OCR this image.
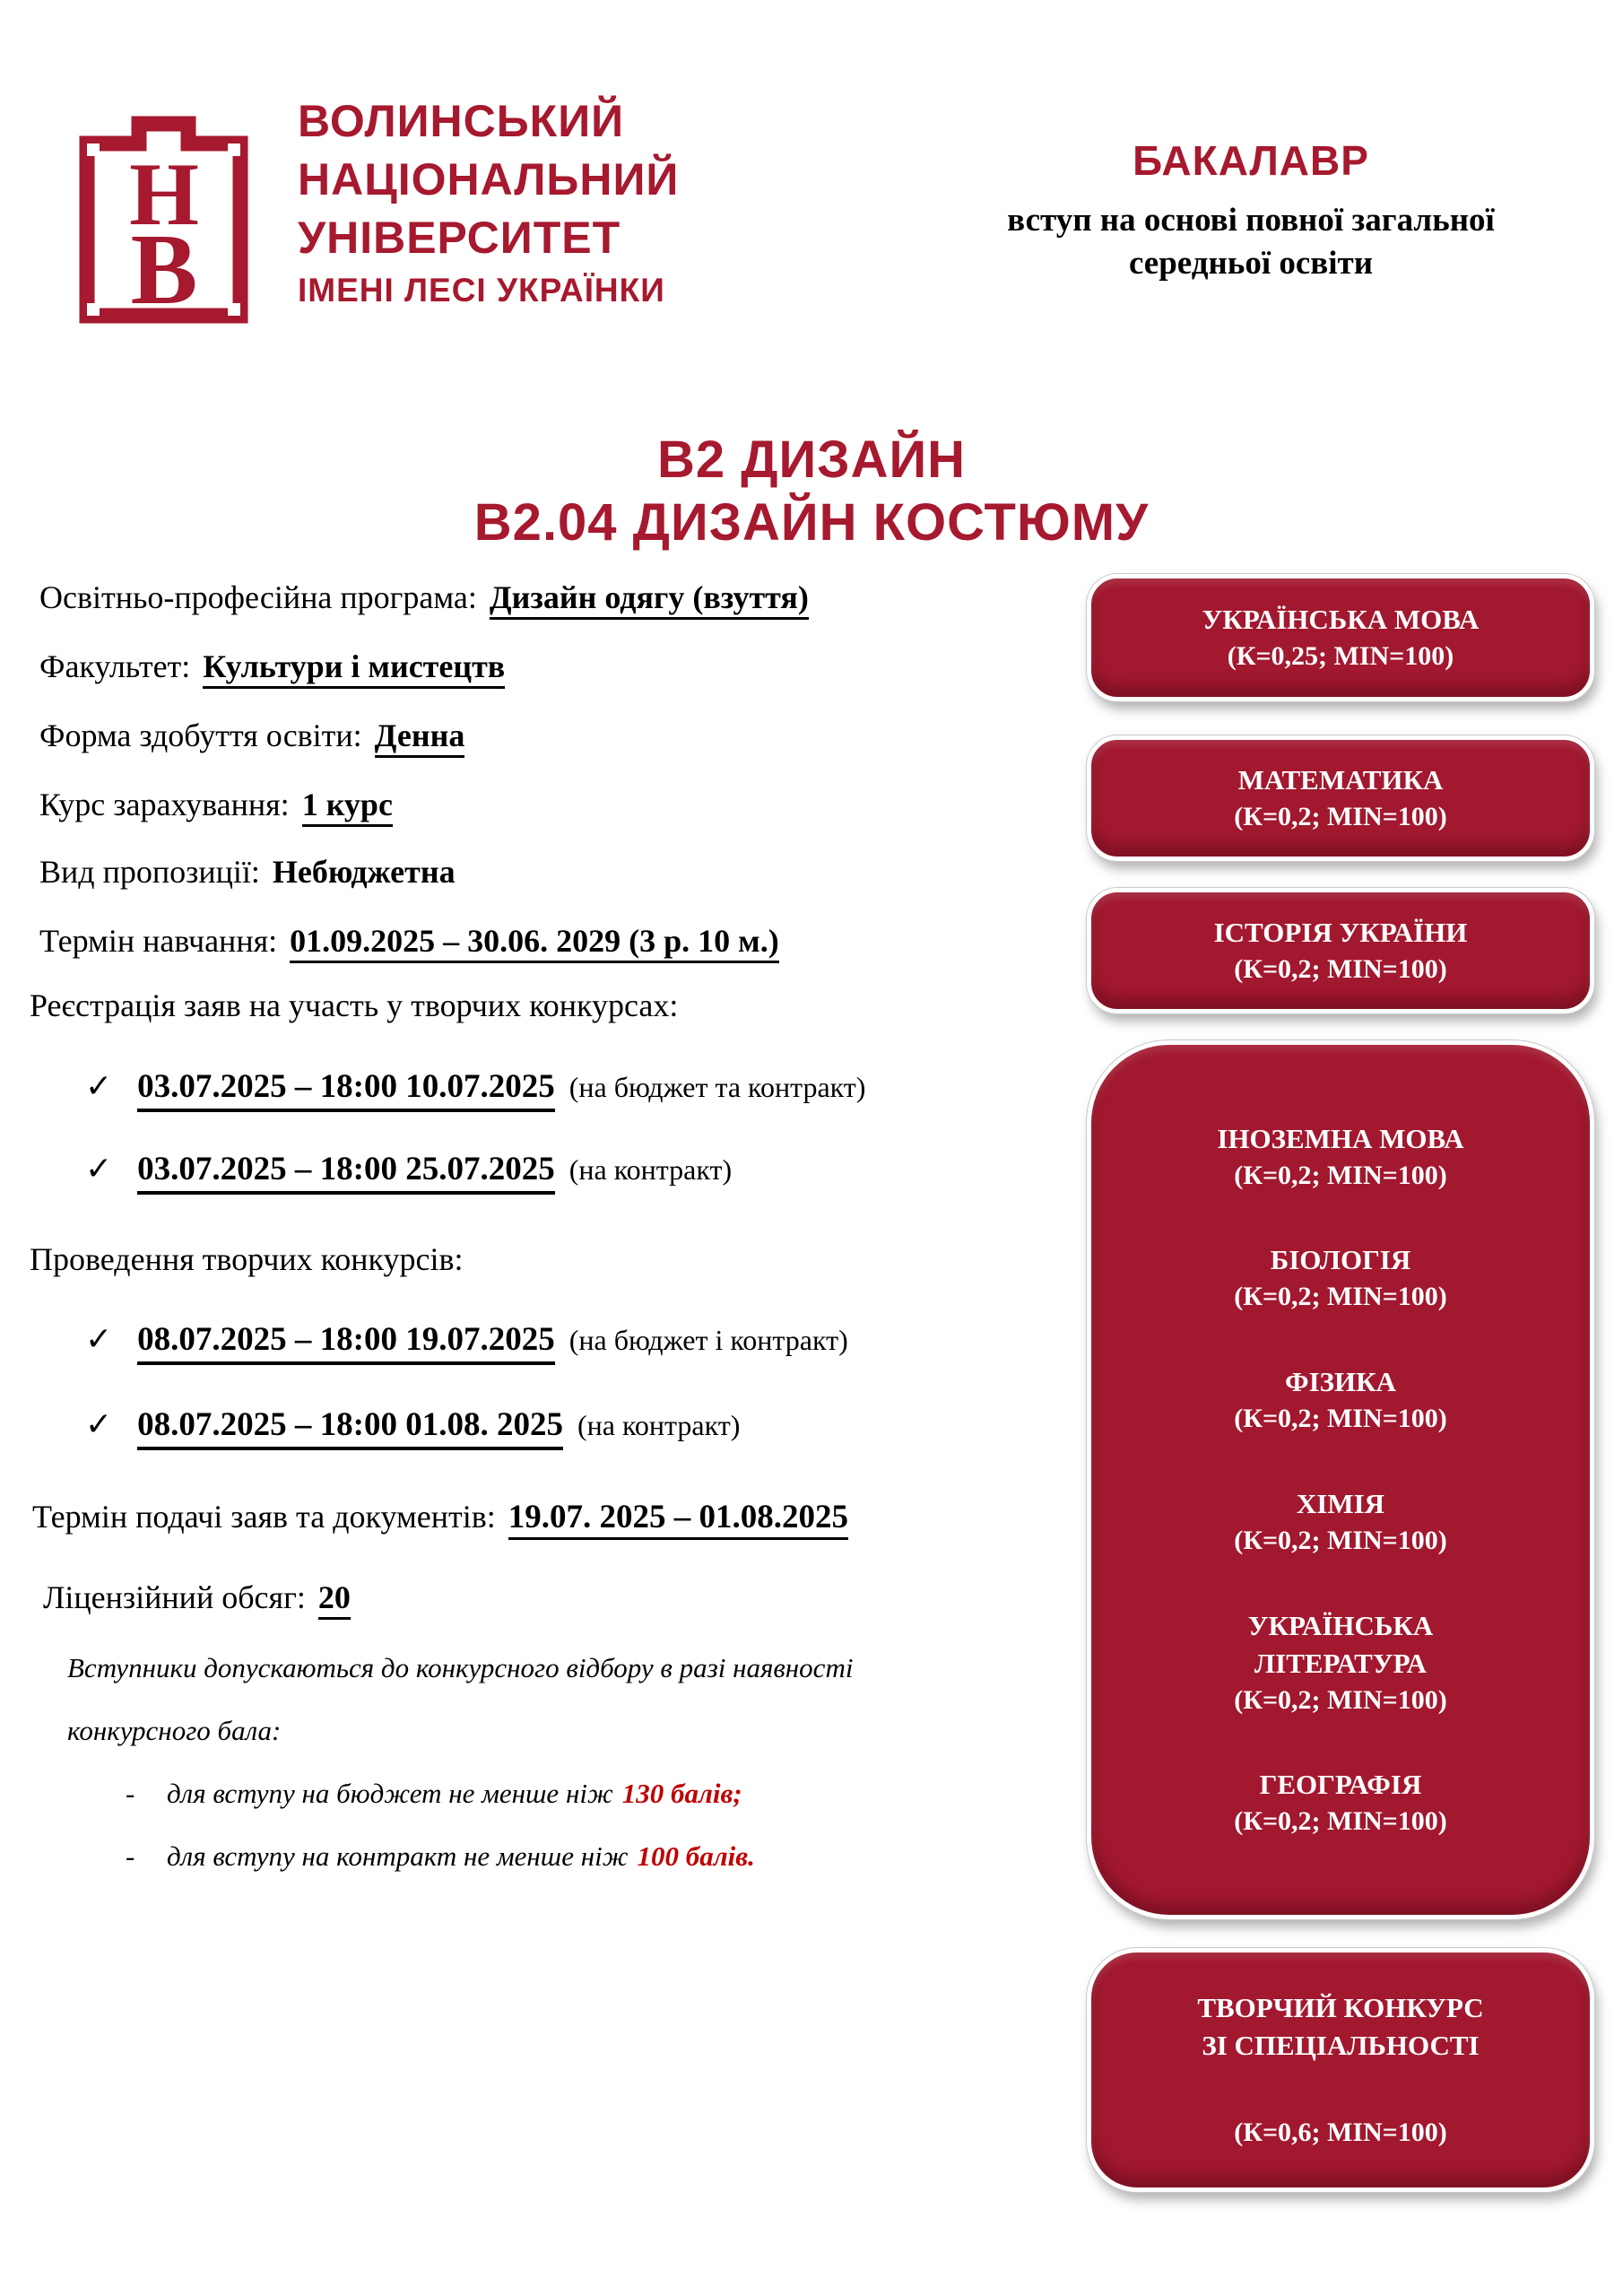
Н
В
ВОЛИНСЬКИЙ
НАЦІОНАЛЬНИЙ
УНІВЕРСИТЕТ
ІМЕНІ ЛЕСІ УКРАЇНКИ
БАКАЛАВР
вступ на основі повної загальної
середньої освіти
В2 ДИЗАЙН
В2.04 ДИЗАЙН КОСТЮМУ
Освітньо-професійна програма: Дизайн одягу (взуття)
Факультет: Культури і мистецтв
Форма здобуття освіти: Денна
Курс зарахування: 1 курс
Вид пропозиції: Небюджетна
Термін навчання: 01.09.2025 – 30.06. 2029 (3 р. 10 м.)
Реєстрація заяв на участь у творчих конкурсах:
✓ 03.07.2025 – 18:00 10.07.2025 (на бюджет та контракт)
✓ 03.07.2025 – 18:00 25.07.2025 (на контракт)
Проведення творчих конкурсів:
✓ 08.07.2025 – 18:00 19.07.2025 (на бюджет і контракт)
✓ 08.07.2025 – 18:00 01.08. 2025 (на контракт)
Термін подачі заяв та документів: 19.07. 2025 – 01.08.2025
Ліцензійний обсяг: 20
Вступники допускаються до конкурсного відбору в разі наявності
конкурсного бала:
- для вступу на бюджет не менше ніж 130 балів;
- для вступу на контракт не менше ніж 100 балів.
УКРАЇНСЬКА МОВА
(К=0,25; MIN=100)
МАТЕМАТИКА
(К=0,2; MIN=100)
ІСТОРІЯ УКРАЇНИ
(К=0,2; MIN=100)
ІНОЗЕМНА МОВА
(К=0,2; MIN=100)
БІОЛОГІЯ
(К=0,2; MIN=100)
ФІЗИКА
(К=0,2; MIN=100)
ХІМІЯ
(К=0,2; MIN=100)
УКРАЇНСЬКА ЛІТЕРАТУРА
(К=0,2; MIN=100)
ГЕОГРАФІЯ
(К=0,2; MIN=100)
ТВОРЧИЙ КОНКУРС
ЗІ СПЕЦІАЛЬНОСТІ
(К=0,6; MIN=100)
